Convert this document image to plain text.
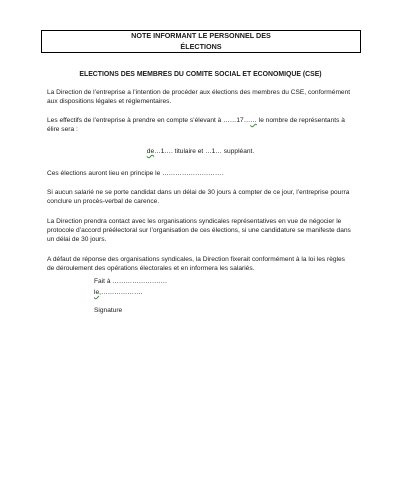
NOTE INFORMANT LE PERSONNEL DES
ÉLECTIONS
ELECTIONS DES MEMBRES DU COMITE SOCIAL ET ECONOMIQUE (CSE)
La Direction de l’entreprise a l’intention de procéder aux élections des membres du CSE, conformément
aux dispositions légales et réglementaires.
Les effectifs de l’entreprise à prendre en compte s’élevant à ……17…… le nombre de représentants à
élire sera :
de…1…. titulaire et …1… suppléant.
Ces élections auront lieu en principe le ……………………….
Si aucun salarié ne se porte candidat dans un délai de 30 jours à compter de ce jour, l’entreprise pourra
conclure un procès-verbal de carence.
La Direction prendra contact avec les organisations syndicales représentatives en vue de négocier le
protocole d’accord préélectoral sur l’organisation de ces élections, si une candidature se manifeste dans
un délai de 30 jours.
A défaut de réponse des organisations syndicales, la Direction fixerait conformément à la loi les règles
de déroulement des opérations électorales et en informera les salariés.
Fait à …………………….
le,……………….
Signature
